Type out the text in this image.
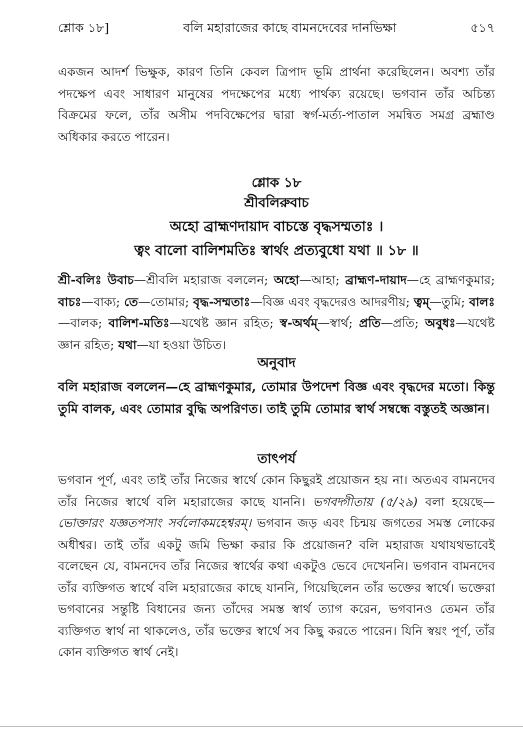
শ্লোক ১৮]	বলি মহারাজের কাছে বামনদেবের দানভিক্ষা	৫১৭
একজন আদর্শ ভিক্ষুক, কারণ তিনি কেবল ত্রিপাদ ভূমি প্রার্থনা করেছিলেন। অবশ্য তাঁর পদক্ষেপ এবং সাধারণ মানুষের পদক্ষেপের মধ্যে পার্থক্য রয়েছে। ভগবান তাঁর অচিন্ত্য বিক্রমের ফলে, তাঁর অসীম পদবিক্ষেপের দ্বারা স্বর্গ-মর্ত্য-পাতাল সমন্বিত সমগ্র ব্রহ্মাণ্ড অধিকার করতে পারেন।
শ্লোক ১৮
শ্রীবলিরুবাচ
অহো ব্রাহ্মণদায়াদ বাচস্তে বৃদ্ধসম্মতাঃ ।
ত্বং বালো বালিশমতিঃ স্বার্থং প্রত্যবুধো যথা ॥ ১৮ ॥
শ্রী-বলিঃ উবাচ—শ্রীবলি মহারাজ বললেন; অহো—আহা; ব্রাহ্মণ-দায়াদ—হে ব্রাহ্মণকুমার; বাচঃ—বাক্য; তে—তোমার; বৃদ্ধ-সম্মতাঃ—বিজ্ঞ এবং বৃদ্ধদেরও আদরণীয়; ত্বম্—তুমি; বালঃ—বালক; বালিশ-মতিঃ—যথেষ্ট জ্ঞান রহিত; স্ব-অর্থম্—স্বার্থ; প্রতি—প্রতি; অবুধঃ—যথেষ্ট জ্ঞান রহিত; যথা—যা হওয়া উচিত।
অনুবাদ
বলি মহারাজ বললেন—হে ব্রাহ্মণকুমার, তোমার উপদেশ বিজ্ঞ এবং বৃদ্ধদের মতো। কিন্তু তুমি বালক, এবং তোমার বুদ্ধি অপরিণত। তাই তুমি তোমার স্বার্থ সম্বন্ধে বস্তুতই অজ্ঞান।
তাৎপর্য
ভগবান পূর্ণ, এবং তাই তাঁর নিজের স্বার্থে কোন কিছুরই প্রয়োজন হয় না। অতএব বামনদেব তাঁর নিজের স্বার্থে বলি মহারাজের কাছে যাননি। ভগবদ্গীতায় (৫/২৯) বলা হয়েছে—ভোক্তারং যজ্ঞতপসাং সর্বলোকমহেশ্বরম্‌। ভগবান জড় এবং চিন্ময় জগতের সমস্ত লোকের অধীশ্বর। তাই তাঁর একটু জমি ভিক্ষা করার কি প্রয়োজন? বলি মহারাজ যথাযথভাবেই বলেছেন যে, বামনদেব তাঁর নিজের স্বার্থের কথা একটুও ভেবে দেখেননি। ভগবান বামনদেব তাঁর ব্যক্তিগত স্বার্থে বলি মহারাজের কাছে যাননি, গিয়েছিলেন তাঁর ভক্তের স্বার্থে। ভক্তেরা ভগবানের সন্তুষ্টি বিধানের জন্য তাঁদের সমস্ত স্বার্থ ত্যাগ করেন, ভগবানও তেমন তাঁর ব্যক্তিগত স্বার্থ না থাকলেও, তাঁর ভক্তের স্বার্থে সব কিছু করতে পারেন। যিনি স্বয়ং পূর্ণ, তাঁর কোন ব্যক্তিগত স্বার্থ নেই।
